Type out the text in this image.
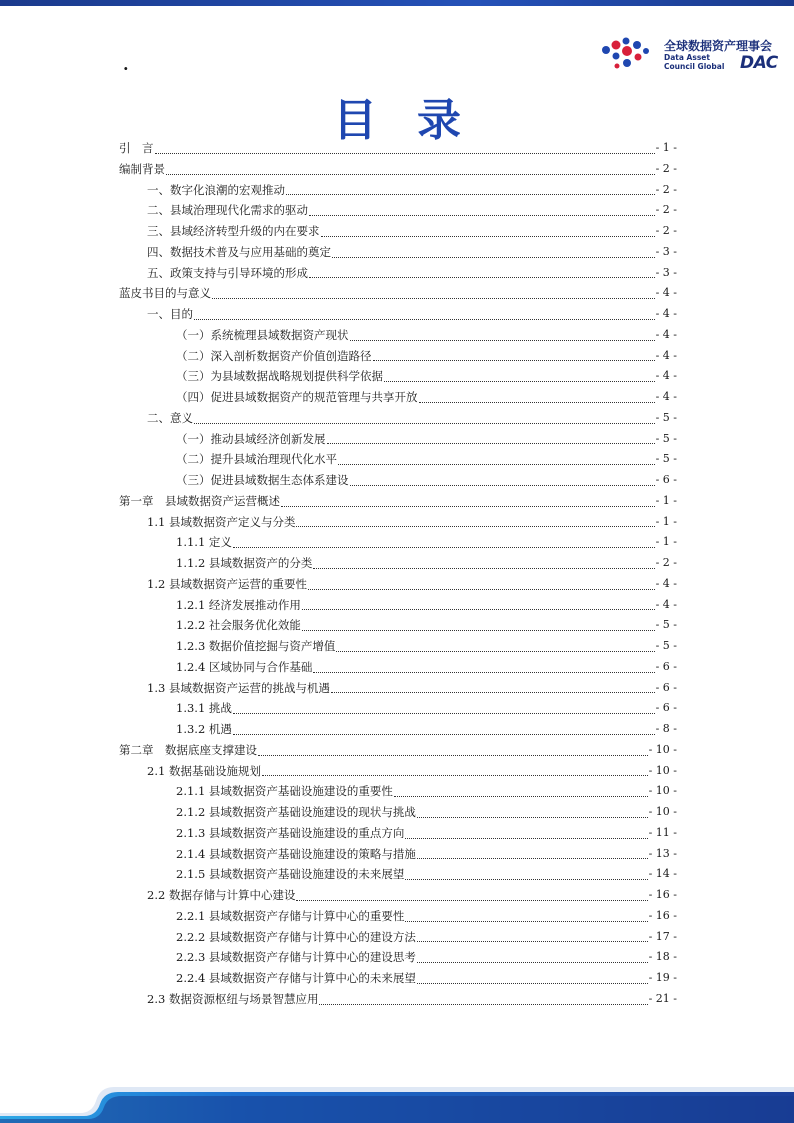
·
全球数据资产理事会
Data Asset
Council Global DAC
目录
引　言	- 1 -
编制背景	- 2 -
一、数字化浪潮的宏观推动	- 2 -
二、县域治理现代化需求的驱动	- 2 -
三、县域经济转型升级的内在要求	- 2 -
四、数据技术普及与应用基础的奠定	- 3 -
五、政策支持与引导环境的形成	- 3 -
蓝皮书目的与意义	- 4 -
一、目的	- 4 -
（一）系统梳理县域数据资产现状	- 4 -
（二）深入剖析数据资产价值创造路径	- 4 -
（三）为县域数据战略规划提供科学依据	- 4 -
（四）促进县域数据资产的规范管理与共享开放	- 4 -
二、意义	- 5 -
（一）推动县域经济创新发展	- 5 -
（二）提升县域治理现代化水平	- 5 -
（三）促进县域数据生态体系建设	- 6 -
第一章　县域数据资产运营概述	- 1 -
1.1 县域数据资产定义与分类	- 1 -
1.1.1 定义	- 1 -
1.1.2 县域数据资产的分类	- 2 -
1.2 县域数据资产运营的重要性	- 4 -
1.2.1 经济发展推动作用	- 4 -
1.2.2 社会服务优化效能	- 5 -
1.2.3 数据价值挖掘与资产增值	- 5 -
1.2.4 区域协同与合作基础	- 6 -
1.3 县域数据资产运营的挑战与机遇	- 6 -
1.3.1 挑战	- 6 -
1.3.2 机遇	- 8 -
第二章　数据底座支撑建设	- 10 -
2.1 数据基础设施规划	- 10 -
2.1.1 县域数据资产基础设施建设的重要性	- 10 -
2.1.2 县域数据资产基础设施建设的现状与挑战	- 10 -
2.1.3 县域数据资产基础设施建设的重点方向	- 11 -
2.1.4 县域数据资产基础设施建设的策略与措施	- 13 -
2.1.5 县域数据资产基础设施建设的未来展望	- 14 -
2.2 数据存储与计算中心建设	- 16 -
2.2.1 县域数据资产存储与计算中心的重要性	- 16 -
2.2.2 县域数据资产存储与计算中心的建设方法	- 17 -
2.2.3 县域数据资产存储与计算中心的建设思考	- 18 -
2.2.4 县域数据资产存储与计算中心的未来展望	- 19 -
2.3 数据资源枢纽与场景智慧应用	- 21 -
